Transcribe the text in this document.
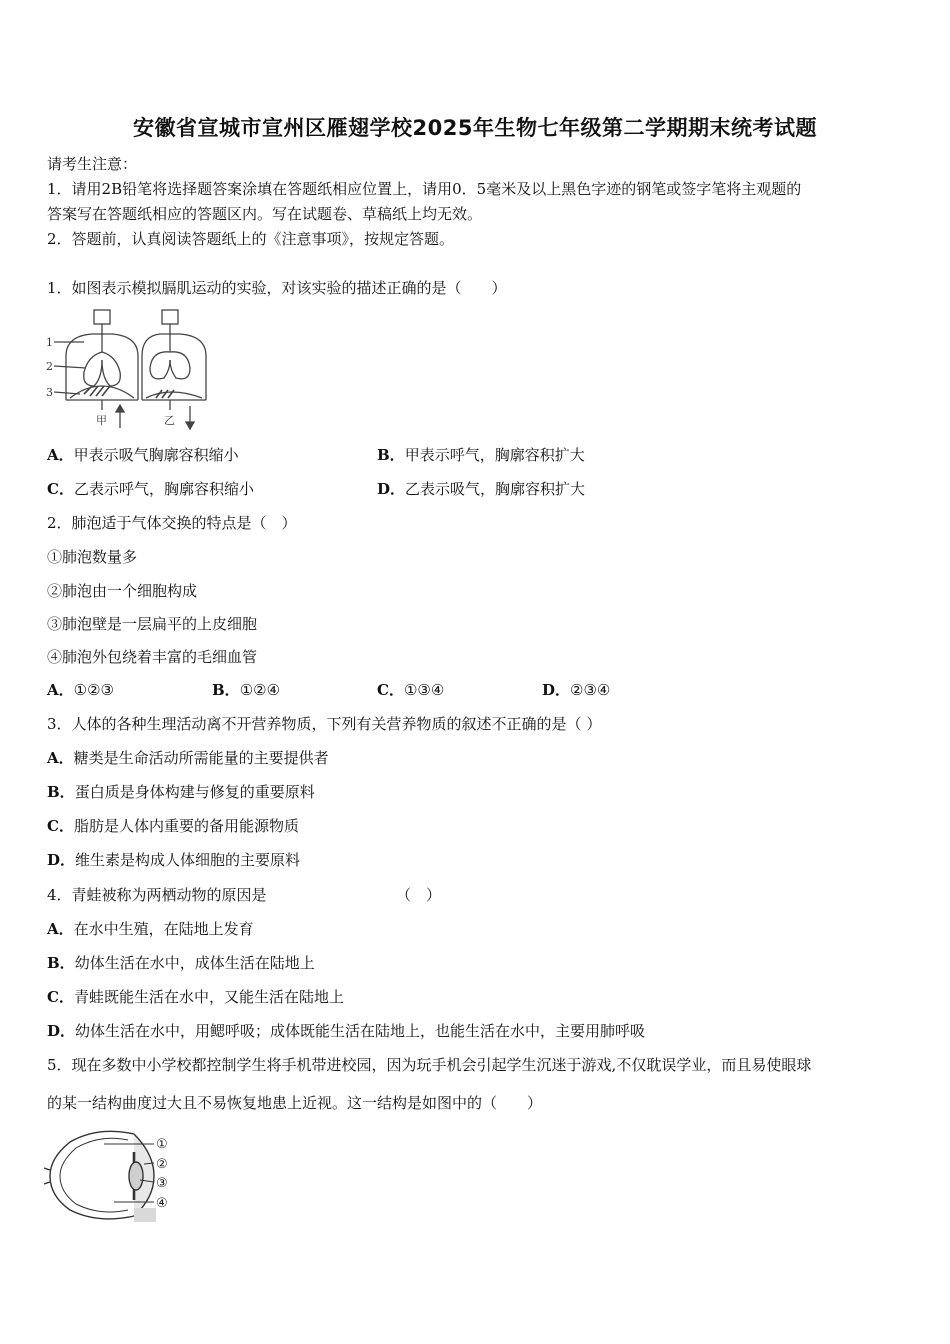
安徽省宣城市宣州区雁翅学校2025年生物七年级第二学期期末统考试题
请考生注意：
1．请用2B铅笔将选择题答案涂填在答题纸相应位置上，请用0．5毫米及以上黑色字迹的钢笔或签字笔将主观题的
答案写在答题纸相应的答题区内。写在试题卷、草稿纸上均无效。
2．答题前，认真阅读答题纸上的《注意事项》，按规定答题。
1．如图表示模拟膈肌运动的实验，对该实验的描述正确的是（　　）
1
2
3
甲	乙
A．甲表示吸气胸廓容积缩小	B．甲表示呼气，胸廓容积扩大
C．乙表示呼气，胸廓容积缩小	D．乙表示吸气，胸廓容积扩大
2．肺泡适于气体交换的特点是（　）
①肺泡数量多
②肺泡由一个细胞构成
③肺泡壁是一层扁平的上皮细胞
④肺泡外包绕着丰富的毛细血管
A．①②③	B．①②④	C．①③④	D．②③④
3．人体的各种生理活动离不开营养物质，下列有关营养物质的叙述不正确的是（ ）
A．糖类是生命活动所需能量的主要提供者
B．蛋白质是身体构建与修复的重要原料
C．脂肪是人体内重要的备用能源物质
D．维生素是构成人体细胞的主要原料
4．青蛙被称为两栖动物的原因是	（　）
A．在水中生殖，在陆地上发育
B．幼体生活在水中，成体生活在陆地上
C．青蛙既能生活在水中，又能生活在陆地上
D．幼体生活在水中，用鳃呼吸；成体既能生活在陆地上，也能生活在水中，主要用肺呼吸
5．现在多数中小学校都控制学生将手机带进校园，因为玩手机会引起学生沉迷于游戏,不仅耽误学业，而且易使眼球
的某一结构曲度过大且不易恢复地患上近视。这一结构是如图中的（　　）
①
②
③
④
